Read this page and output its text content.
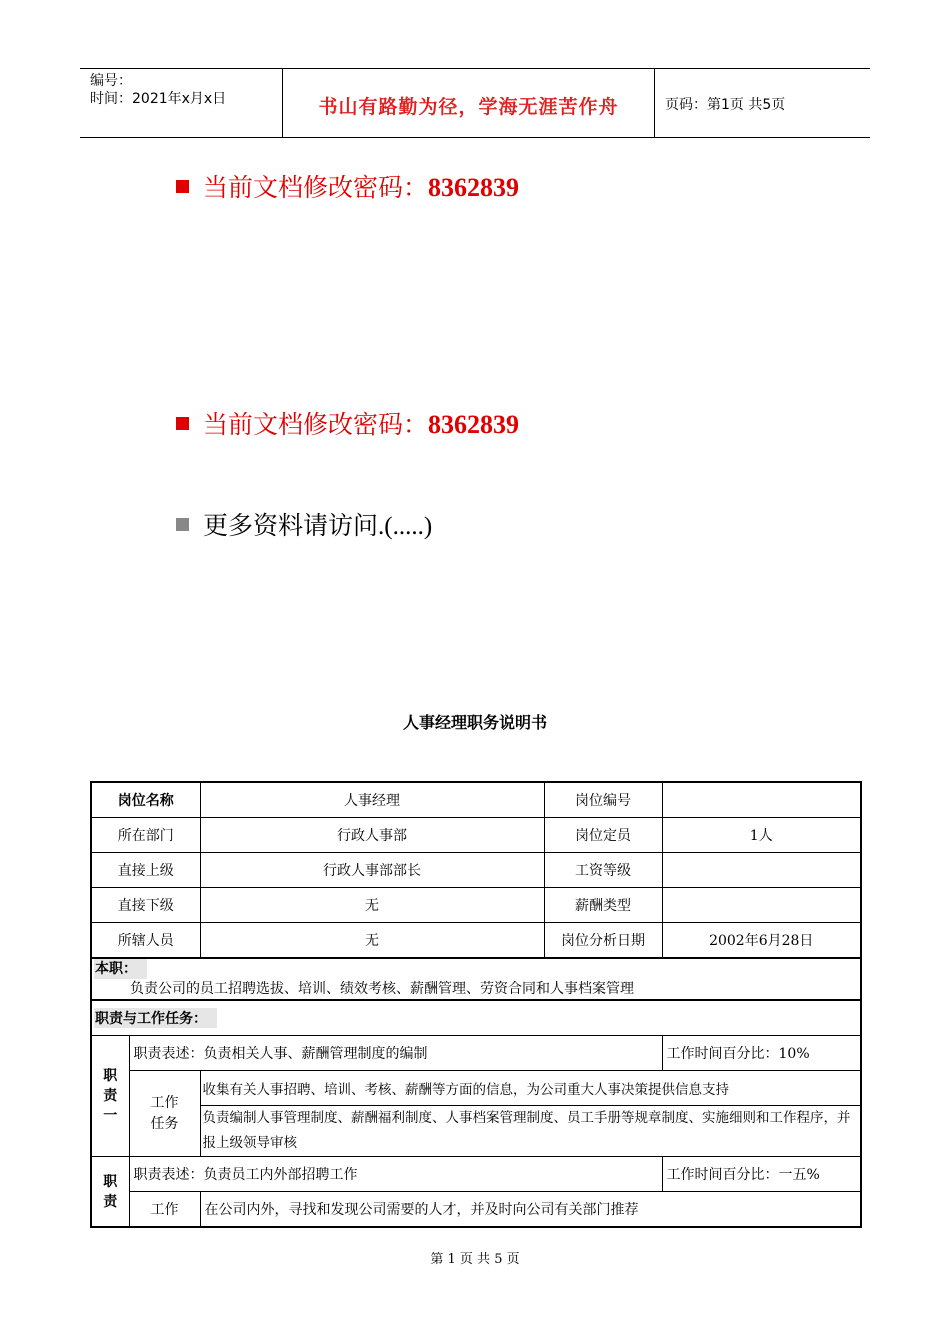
编号：
时间：2021年x月x日	书山有路勤为径，学海无涯苦作舟	页码：第1页 共5页
当前文档修改密码：8362839
当前文档修改密码：8362839
更多资料请访问.(.....)
人事经理职务说明书
岗位名称		人事经理	岗位编号	
所在部门		行政人事部	岗位定员	1人
直接上级		行政人事部部长	工资等级	
直接下级		无	薪酬类型	
所辖人员		无	岗位分析日期	2002年6月28日

本职：
负责公司的员工招聘选拔、培训、绩效考核、薪酬管理、劳资合同和人事档案管理				

职责与工作任务：				
职责一	职责表述：负责相关人事、薪酬管理制度的编制			工作时间百分比：10%
	工作任务	收集有关人事招聘、培训、考核、薪酬等方面的信息，为公司重大人事决策提供信息支持		
		负责编制人事管理制度、薪酬福利制度、人事档案管理制度、员工手册等规章制度、实施细则和工作程序，并报上级领导审核		
职责	职责表述：负责员工内外部招聘工作			工作时间百分比：一五%
	工作	在公司内外，寻找和发现公司需要的人才，并及时向公司有关部门推荐		
第 1 页 共 5 页
